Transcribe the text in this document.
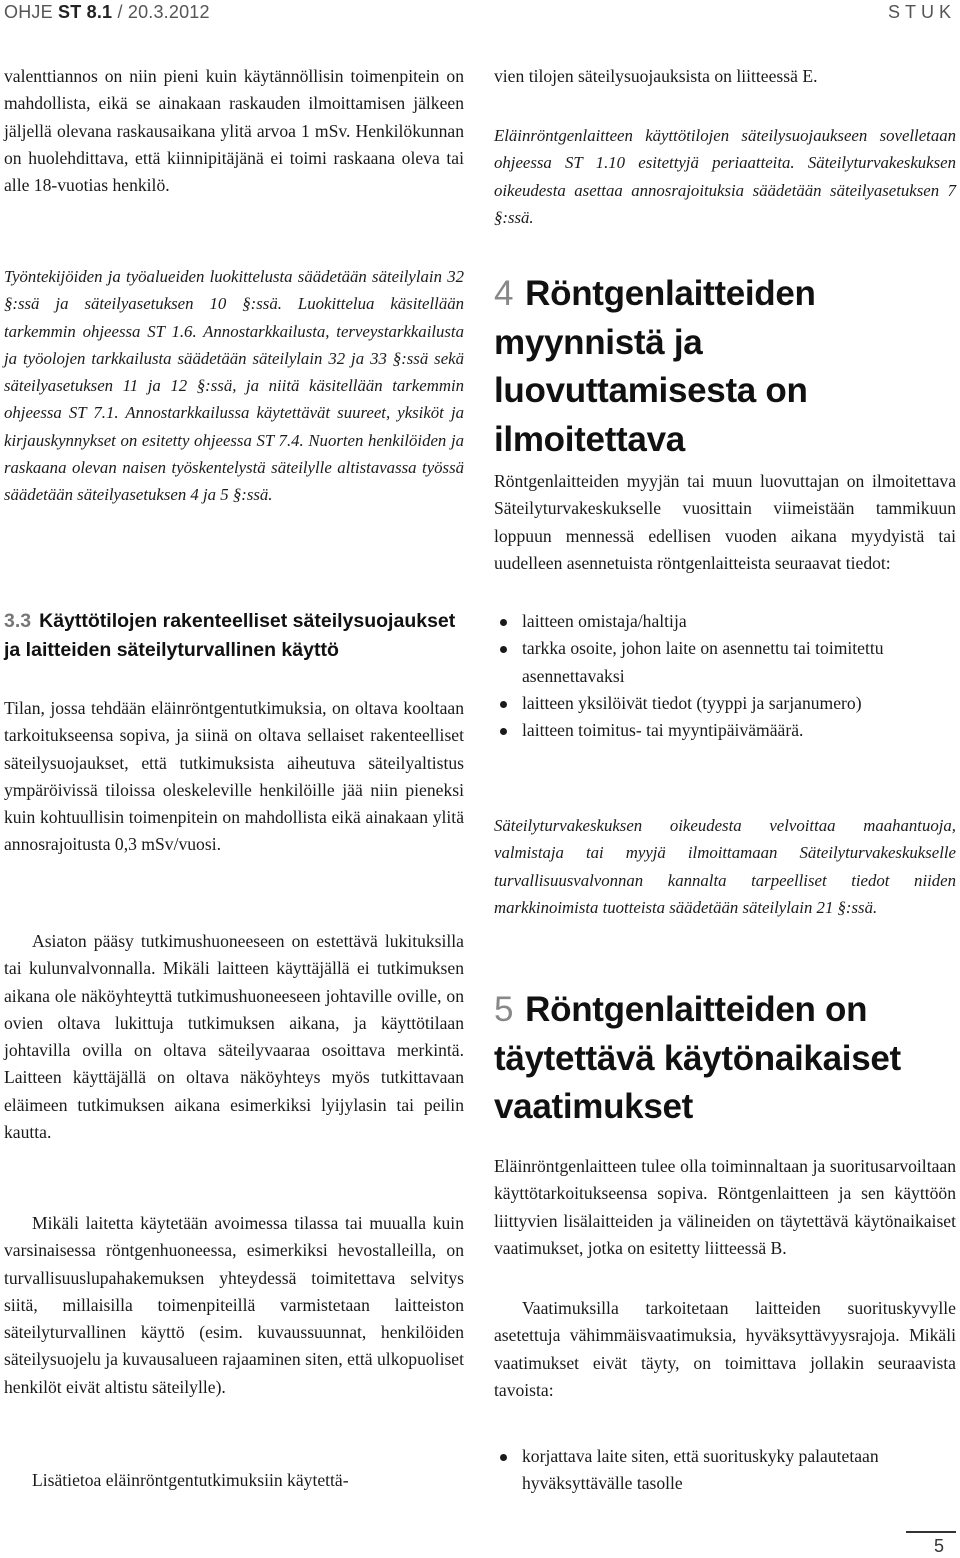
OHJE ST 8.1 / 20.3.2012	STUK

valenttiannos on niin pieni kuin käytännöllisin toimenpitein on mahdollista, eikä se ainakaan raskauden ilmoittamisen jälkeen jäljellä olevana raskausaikana ylitä arvoa 1 mSv. Henkilökunnan on huolehdittava, että kiinnipitäjänä ei toimi raskaana oleva tai alle 18-vuotias henkilö.

Työntekijöiden ja työalueiden luokittelusta säädetään säteilylain 32 §:ssä ja säteilyasetuksen 10 §:ssä. Luokittelua käsitellään tarkemmin ohjeessa ST 1.6. Annostarkkailusta, terveystarkkailusta ja työolojen tarkkailusta säädetään säteilylain 32 ja 33 §:ssä sekä säteilyasetuksen 11 ja 12 §:ssä, ja niitä käsitellään tarkemmin ohjeessa ST 7.1. Annostarkkailussa käytettävät suureet, yksiköt ja kirjauskynnykset on esitetty ohjeessa ST 7.4. Nuorten henkilöiden ja raskaana olevan naisen työskentelystä säteilylle altistavassa työssä säädetään säteilyasetuksen 4 ja 5 §:ssä.

3.3 Käyttötilojen rakenteelliset säteilysuojaukset ja laitteiden säteilyturvallinen käyttö

Tilan, jossa tehdään eläinröntgentutkimuksia, on oltava kooltaan tarkoitukseensa sopiva, ja siinä on oltava sellaiset rakenteelliset säteilysuojaukset, että tutkimuksista aiheutuva säteilyaltistus ympäröivissä tiloissa oleskeleville henkilöille jää niin pieneksi kuin kohtuullisin toimenpitein on mahdollista eikä ainakaan ylitä annosrajoitusta 0,3 mSv/vuosi.

Asiaton pääsy tutkimushuoneeseen on estettävä lukituksilla tai kulunvalvonnalla. Mikäli laitteen käyttäjällä ei tutkimuksen aikana ole näköyhteyttä tutkimushuoneeseen johtaville oville, on ovien oltava lukittuja tutkimuksen aikana, ja käyttötilaan johtavilla ovilla on oltava säteilyvaaraa osoittava merkintä. Laitteen käyttäjällä on oltava näköyhteys myös tutkittavaan eläimeen tutkimuksen aikana esimerkiksi lyijylasin tai peilin kautta.

Mikäli laitetta käytetään avoimessa tilassa tai muualla kuin varsinaisessa röntgenhuoneessa, esimerkiksi hevostalleilla, on turvallisuuslupahakemuksen yhteydessä toimitettava selvitys siitä, millaisilla toimenpiteillä varmistetaan laitteiston säteilyturvallinen käyttö (esim. kuvaussuunnat, henkilöiden säteilysuojelu ja kuvausalueen rajaaminen siten, että ulkopuoliset henkilöt eivät altistu säteilylle).

Lisätietoa eläinröntgentutkimuksiin käytettä-

vien tilojen säteilysuojauksista on liitteessä E.

Eläinröntgenlaitteen käyttötilojen säteilysuojaukseen sovelletaan ohjeessa ST 1.10 esitettyjä periaatteita. Säteilyturvakeskuksen oikeudesta asettaa annosrajoituksia säädetään säteilyasetuksen 7 §:ssä.

4 Röntgenlaitteiden myynnistä ja luovuttamisesta on ilmoitettava

Röntgenlaitteiden myyjän tai muun luovuttajan on ilmoitettava Säteilyturvakeskukselle vuosittain viimeistään tammikuun loppuun mennessä edellisen vuoden aikana myydyistä tai uudelleen asennetuista röntgenlaitteista seuraavat tiedot:

laitteen omistaja/haltija
tarkka osoite, johon laite on asennettu tai toimitettu asennettavaksi
laitteen yksilöivät tiedot (tyyppi ja sarjanumero)
laitteen toimitus- tai myyntipäivämäärä.

Säteilyturvakeskuksen oikeudesta velvoittaa maahantuoja, valmistaja tai myyjä ilmoittamaan Säteilyturvakeskukselle turvallisuusvalvonnan kannalta tarpeelliset tiedot niiden markkinoimista tuotteista säädetään säteilylain 21 §:ssä.

5 Röntgenlaitteiden on täytettävä käytönaikaiset vaatimukset

Eläinröntgenlaitteen tulee olla toiminnaltaan ja suoritusarvoiltaan käyttötarkoitukseensa sopiva. Röntgenlaitteen ja sen käyttöön liittyvien lisälaitteiden ja välineiden on täytettävä käytönaikaiset vaatimukset, jotka on esitetty liitteessä B.

Vaatimuksilla tarkoitetaan laitteiden suorituskyvylle asetettuja vähimmäisvaatimuksia, hyväksyttävyysrajoja. Mikäli vaatimukset eivät täyty, on toimittava jollakin seuraavista tavoista:

korjattava laite siten, että suorituskyky palautetaan hyväksyttävälle tasolle
5
